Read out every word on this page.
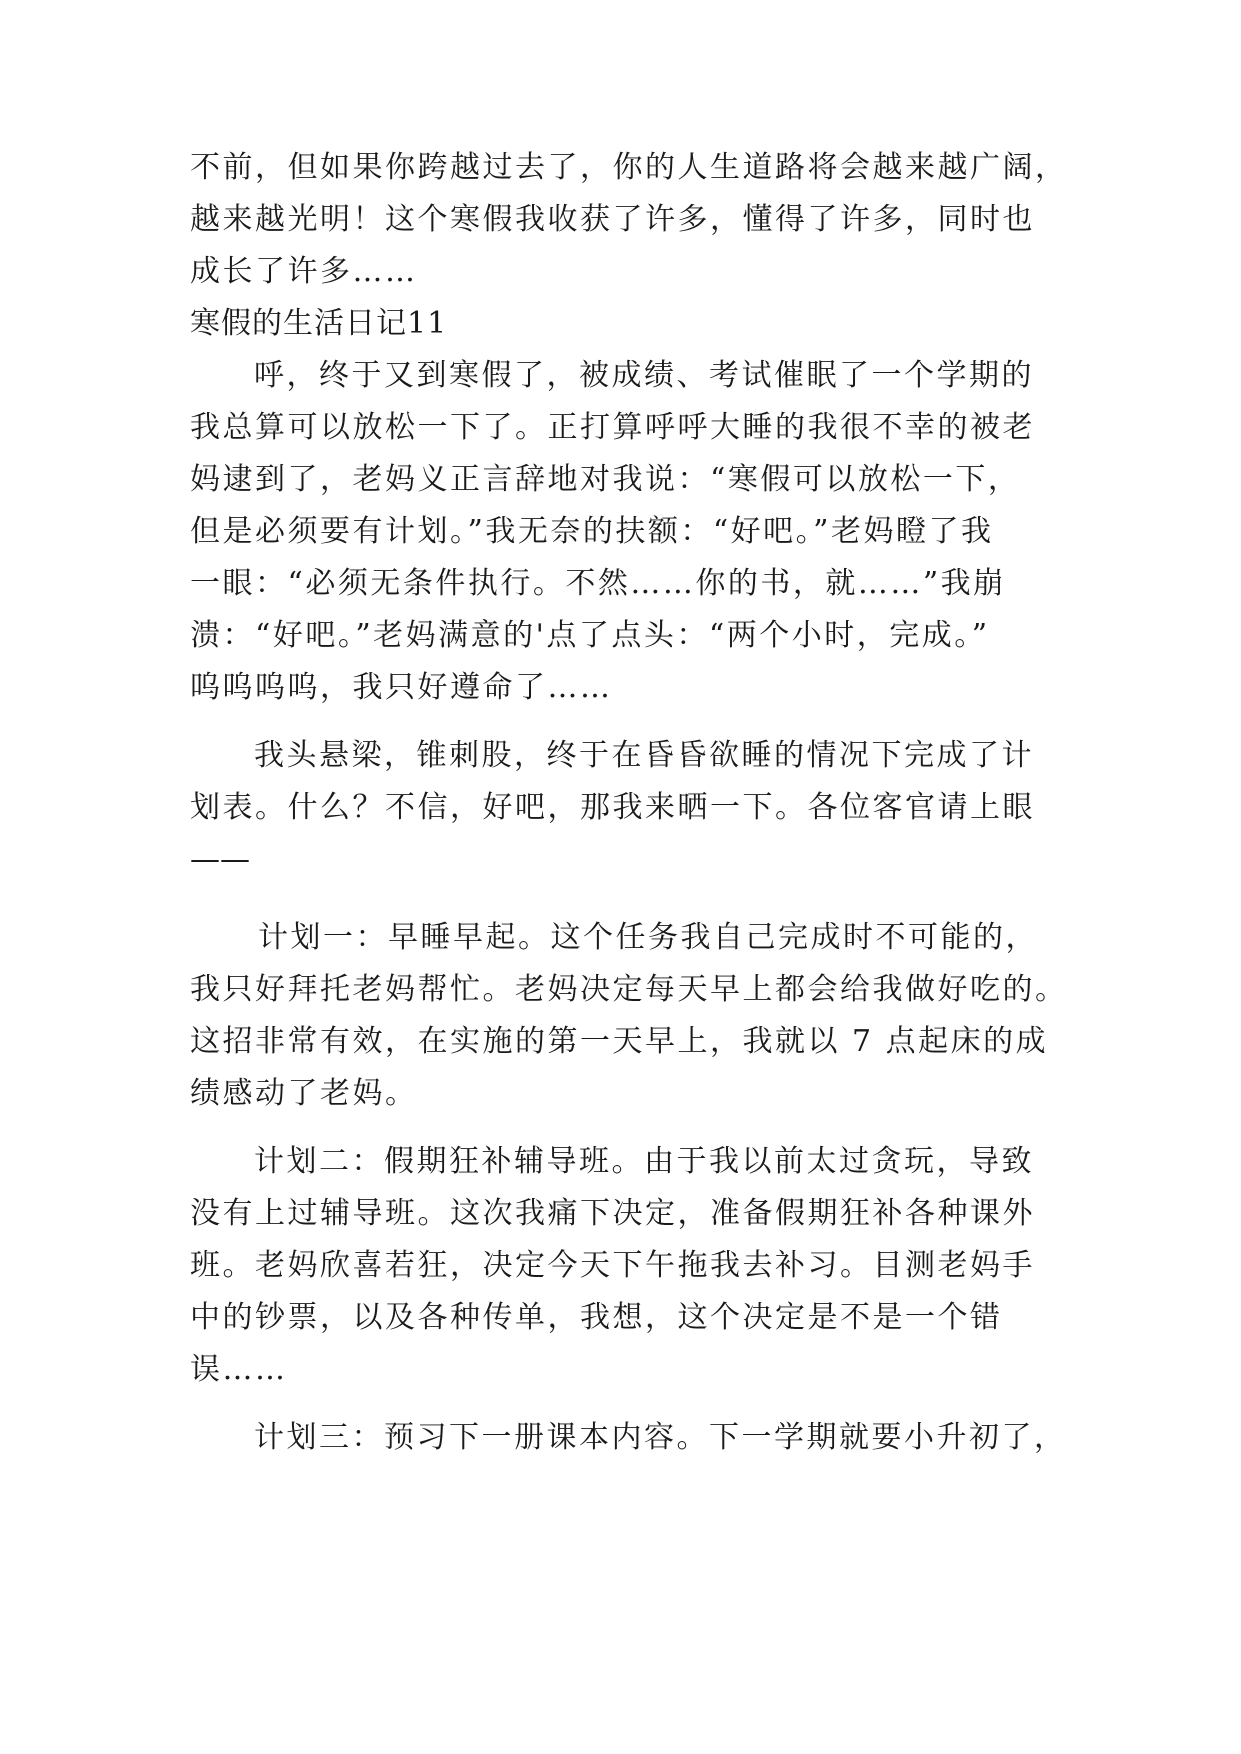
不前，但如果你跨越过去了，你的人生道路将会越来越广阔，
越来越光明！这个寒假我收获了许多，懂得了许多，同时也
成长了许多……
寒假的生活日记11
呼，终于又到寒假了，被成绩、考试催眠了一个学期的
我总算可以放松一下了。正打算呼呼大睡的我很不幸的被老
妈逮到了，老妈义正言辞地对我说：“寒假可以放松一下，
但是必须要有计划。”我无奈的扶额：“好吧。”老妈瞪了我
一眼：“必须无条件执行。不然……你的书，就……”我崩
溃：“好吧。”老妈满意的'点了点头：“两个小时，完成。”
呜呜呜呜，我只好遵命了……
我头悬梁，锥刺股，终于在昏昏欲睡的情况下完成了计
划表。什么？不信，好吧，那我来晒一下。各位客官请上眼
——
计划一：早睡早起。这个任务我自己完成时不可能的，
我只好拜托老妈帮忙。老妈决定每天早上都会给我做好吃的。
这招非常有效，在实施的第一天早上，我就以 7 点起床的成
绩感动了老妈。
计划二：假期狂补辅导班。由于我以前太过贪玩，导致
没有上过辅导班。这次我痛下决定，准备假期狂补各种课外
班。老妈欣喜若狂，决定今天下午拖我去补习。目测老妈手
中的钞票，以及各种传单，我想，这个决定是不是一个错
误……
计划三：预习下一册课本内容。下一学期就要小升初了，
